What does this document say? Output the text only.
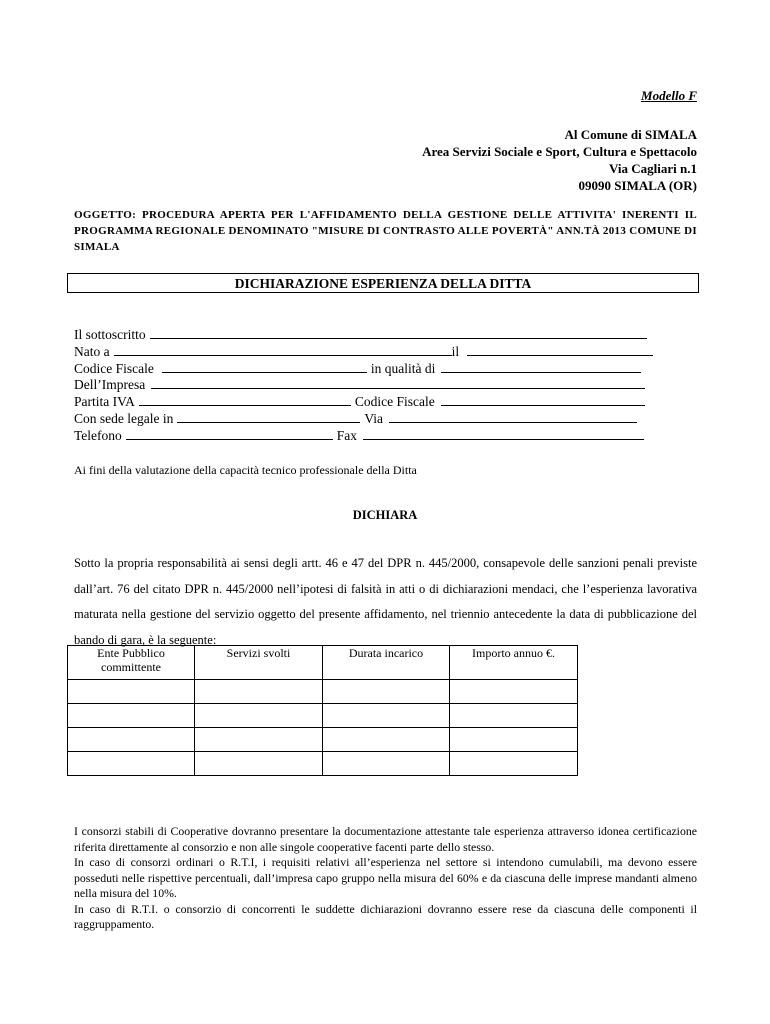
Modello F
Al Comune di SIMALA
Area Servizi Sociale e Sport, Cultura e Spettacolo
Via Cagliari n.1
09090 SIMALA (OR)
OGGETTO: PROCEDURA APERTA PER L'AFFIDAMENTO DELLA GESTIONE DELLE ATTIVITA' INERENTI IL PROGRAMMA REGIONALE DENOMINATO "MISURE DI CONTRASTO ALLE POVERTÀ" ANN.TÀ 2013 COMUNE DI SIMALA
DICHIARAZIONE ESPERIENZA DELLA DITTA
Il sottoscritto
Nato a	il
Codice Fiscale	in qualità di
Dell’Impresa
Partita IVA	Codice Fiscale
Con sede legale in	Via
Telefono	Fax
Ai fini della valutazione della capacità tecnico professionale della Ditta
DICHIARA
Sotto la propria responsabilità ai sensi degli artt. 46 e 47 del DPR n. 445/2000, consapevole delle sanzioni penali previste dall’art. 76 del citato DPR n. 445/2000 nell’ipotesi di falsità in atti o di dichiarazioni mendaci, che l’esperienza lavorativa maturata nella gestione del servizio oggetto del presente affidamento, nel triennio antecedente la data di pubblicazione del bando di gara, è la seguente:
Ente Pubblico committente	Servizi svolti	Durata incarico	Importo annuo €.

I consorzi stabili di Cooperative dovranno presentare la documentazione attestante tale esperienza attraverso idonea certificazione riferita direttamente al consorzio e non alle singole cooperative facenti parte dello stesso.

In caso di consorzi ordinari o R.T.I, i requisiti relativi all’esperienza nel settore si intendono cumulabili, ma devono essere posseduti nelle rispettive percentuali, dall’impresa capo gruppo nella misura del 60% e da ciascuna delle imprese mandanti almeno nella misura del 10%.

In caso di R.T.I. o consorzio di concorrenti le suddette dichiarazioni dovranno essere rese da ciascuna delle componenti il raggruppamento.
